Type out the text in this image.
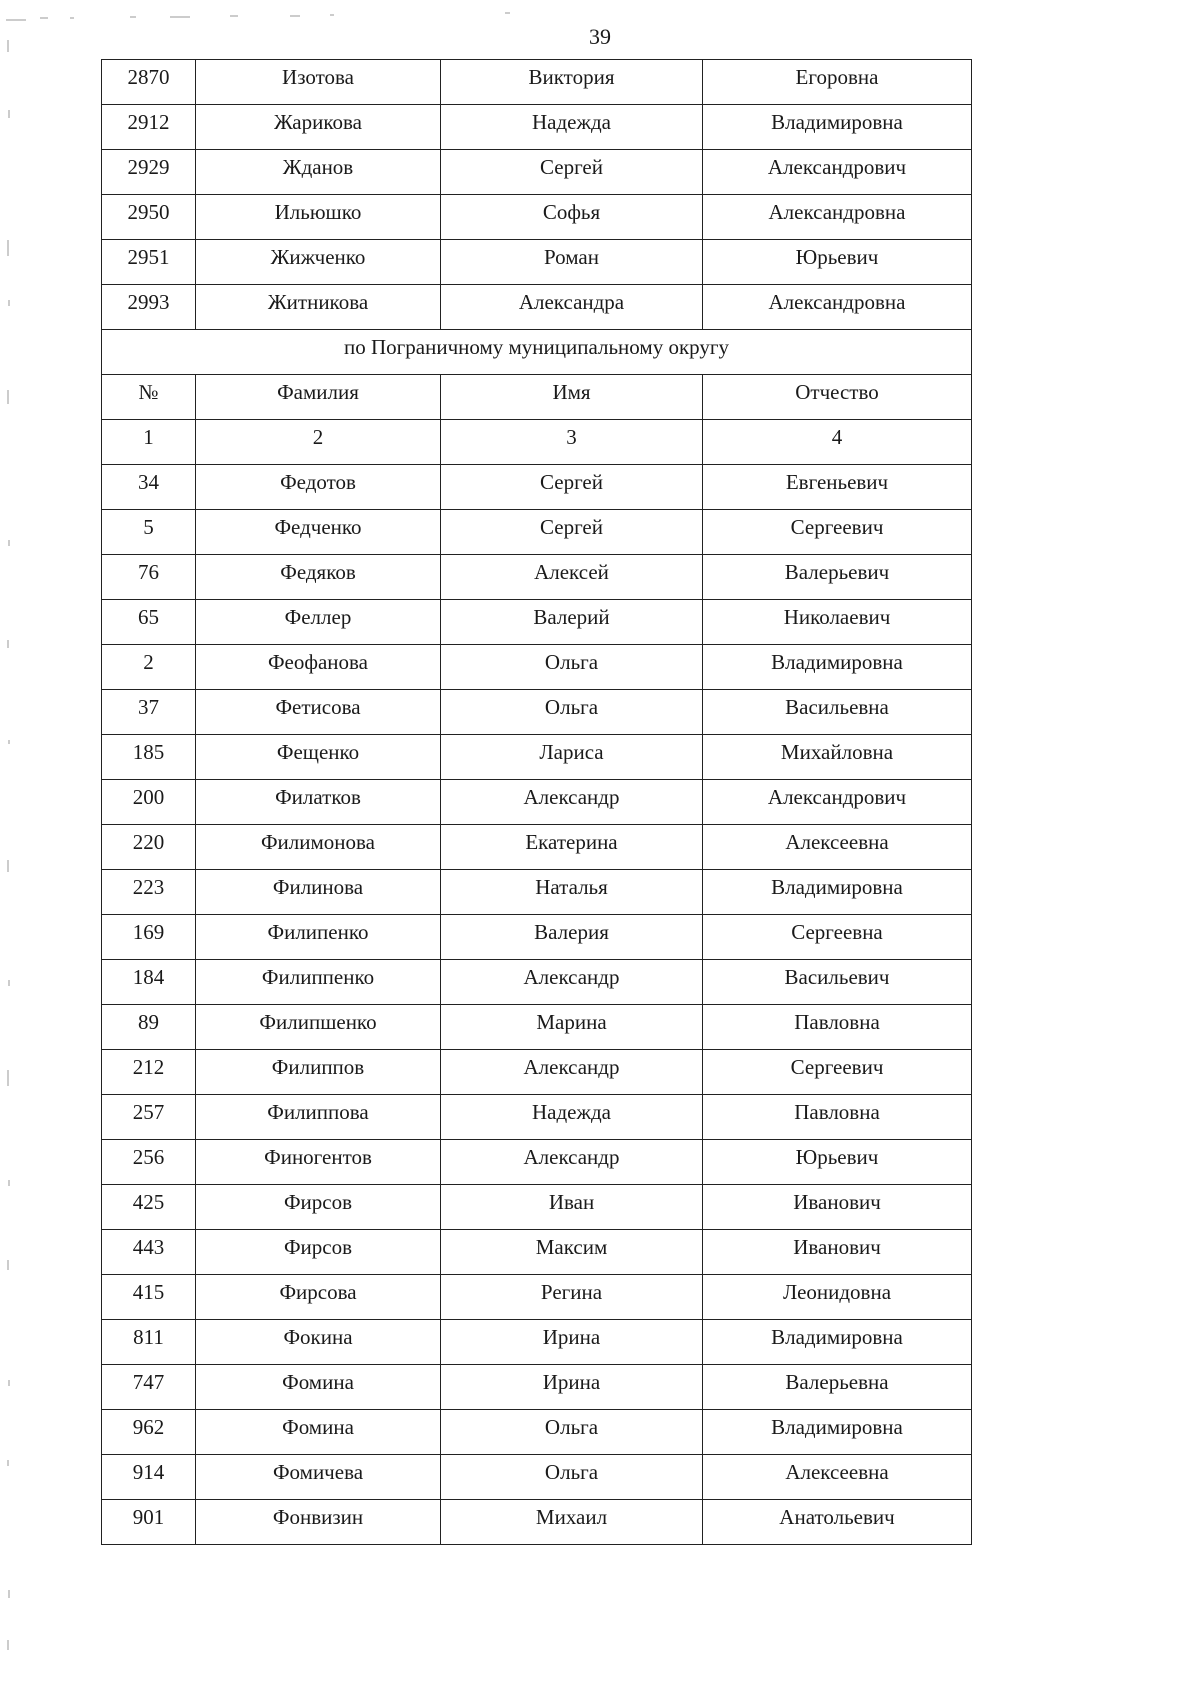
39
2870	Изотова	Виктория	Егоровна
2912	Жарикова	Надежда	Владимировна
2929	Жданов	Сергей	Александрович
2950	Ильюшко	Софья	Александровна
2951	Жижченко	Роман	Юрьевич
2993	Житникова	Александра	Александровна
по Пограничному муниципальному округу			
№	Фамилия	Имя	Отчество
1	2	3	4
34	Федотов	Сергей	Евгеньевич
5	Федченко	Сергей	Сергеевич
76	Федяков	Алексей	Валерьевич
65	Феллер	Валерий	Николаевич
2	Феофанова	Ольга	Владимировна
37	Фетисова	Ольга	Васильевна
185	Фещенко	Лариса	Михайловна
200	Филатков	Александр	Александрович
220	Филимонова	Екатерина	Алексеевна
223	Филинова	Наталья	Владимировна
169	Филипенко	Валерия	Сергеевна
184	Филиппенко	Александр	Васильевич
89	Филипшенко	Марина	Павловна
212	Филиппов	Александр	Сергеевич
257	Филиппова	Надежда	Павловна
256	Финогентов	Александр	Юрьевич
425	Фирсов	Иван	Иванович
443	Фирсов	Максим	Иванович
415	Фирсова	Регина	Леонидовна
811	Фокина	Ирина	Владимировна
747	Фомина	Ирина	Валерьевна
962	Фомина	Ольга	Владимировна
914	Фомичева	Ольга	Алексеевна
901	Фонвизин	Михаил	Анатольевич
